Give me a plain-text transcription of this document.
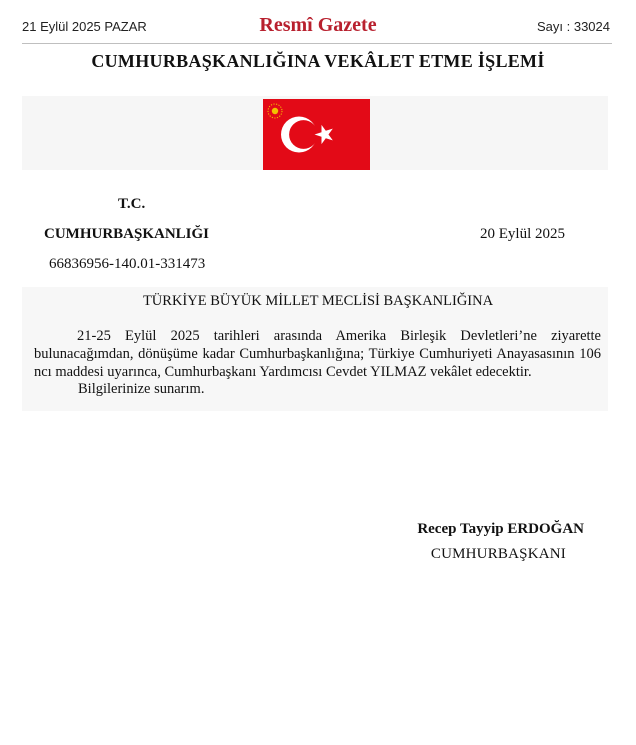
21 Eylül 2025 PAZAR	Resmî Gazete	Sayı : 33024
CUMHURBAŞKANLIĞINA VEKÂLET ETME İŞLEMİ
T.C.
CUMHURBAŞKANLIĞI	20 Eylül 2025
66836956-140.01-331473
TÜRKİYE BÜYÜK MİLLET MECLİSİ BAŞKANLIĞINA

21-25 Eylül 2025 tarihleri arasında Amerika Birleşik Devletleri’ne ziyarette bulunacağımdan, dönüşüme kadar Cumhurbaşkanlığına; Türkiye Cumhuriyeti Anayasasının 106 ncı maddesi uyarınca, Cumhurbaşkanı Yardımcısı Cevdet YILMAZ vekâlet edecektir.

Bilgilerinize sunarım.
Recep Tayyip ERDOĞAN
CUMHURBAŞKANI
